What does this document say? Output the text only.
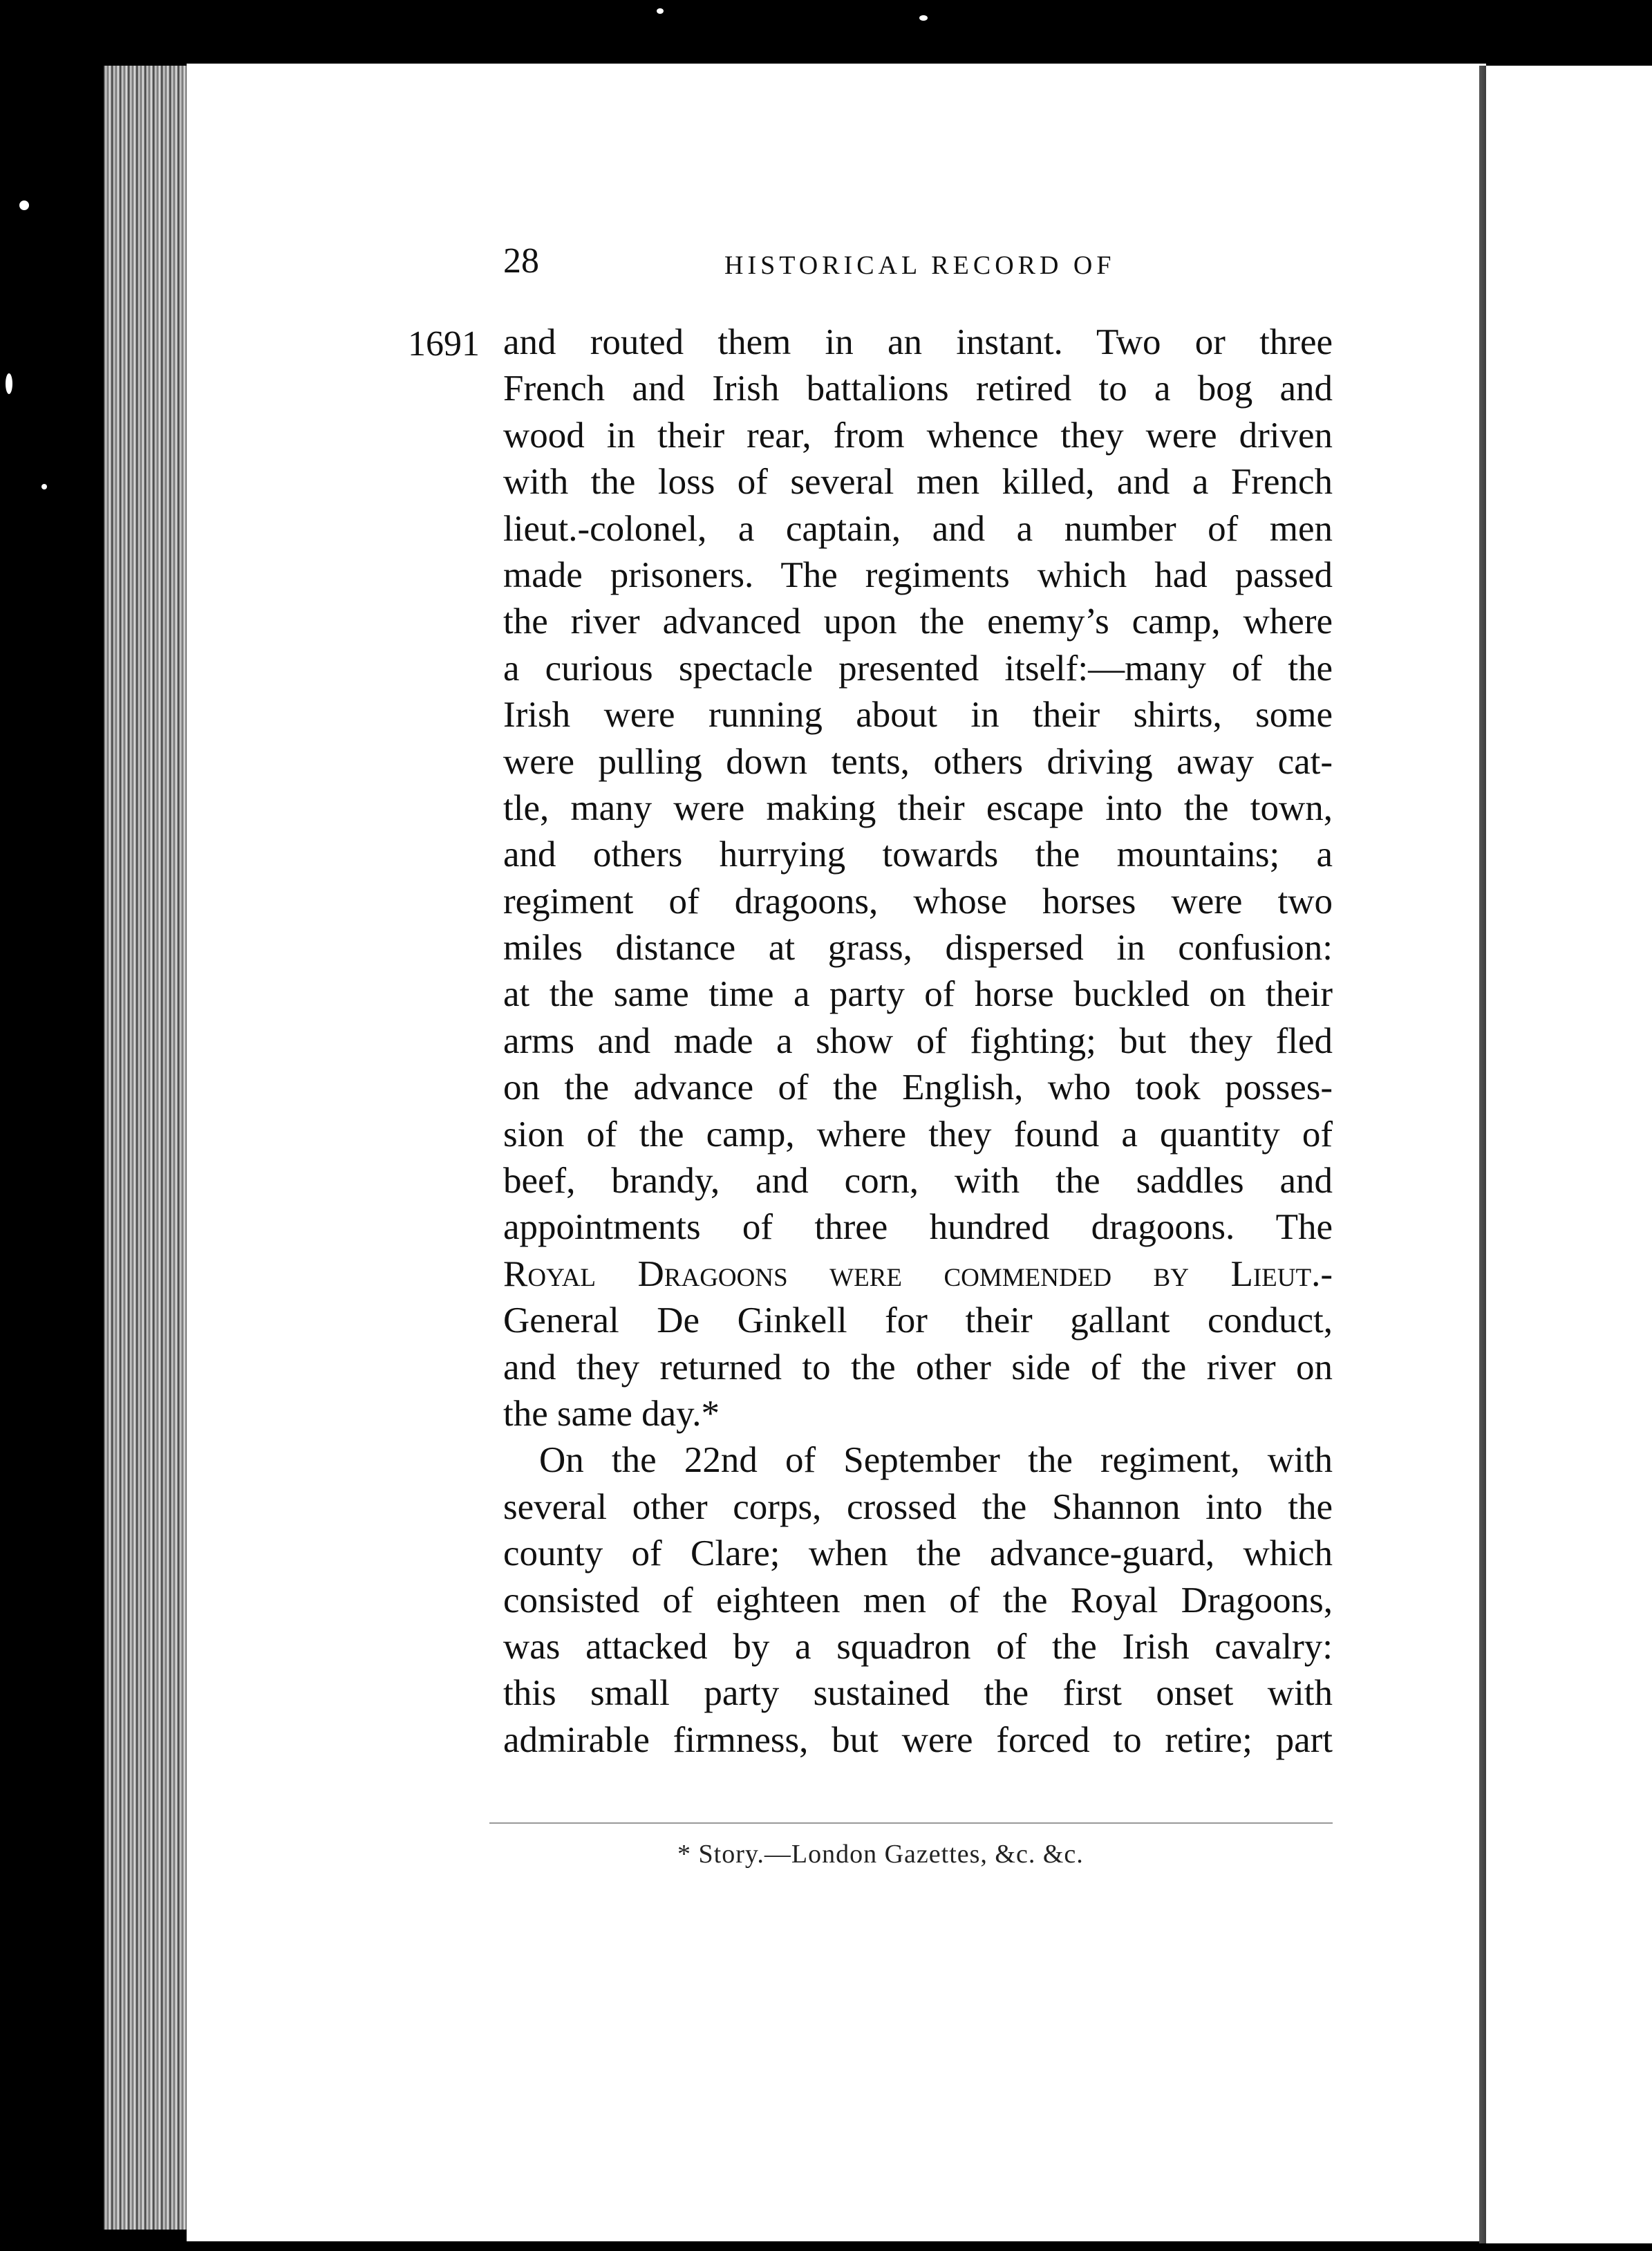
28	HISTORICAL RECORD OF
1691 and routed them in an instant. Two or three
French and Irish battalions retired to a bog and
wood in their rear, from whence they were driven
with the loss of several men killed, and a French
lieut.-colonel, a captain, and a number of men
made prisoners. The regiments which had passed
the river advanced upon the enemy’s camp, where
a curious spectacle presented itself:—many of the
Irish were running about in their shirts, some
were pulling down tents, others driving away cat-
tle, many were making their escape into the town,
and others hurrying towards the mountains; a
regiment of dragoons, whose horses were two
miles distance at grass, dispersed in confusion:
at the same time a party of horse buckled on their
arms and made a show of fighting; but they fled
on the advance of the English, who took posses-
sion of the camp, where they found a quantity of
beef, brandy, and corn, with the saddles and
appointments of three hundred dragoons. The
Royal Dragoons were commended by Lieut.-
General De Ginkell for their gallant conduct,
and they returned to the other side of the river on
the same day.*
On the 22nd of September the regiment, with
several other corps, crossed the Shannon into the
county of Clare; when the advance-guard, which
consisted of eighteen men of the Royal Dragoons,
was attacked by a squadron of the Irish cavalry:
this small party sustained the first onset with
admirable firmness, but were forced to retire; part
* Story.—London Gazettes, &c. &c.
